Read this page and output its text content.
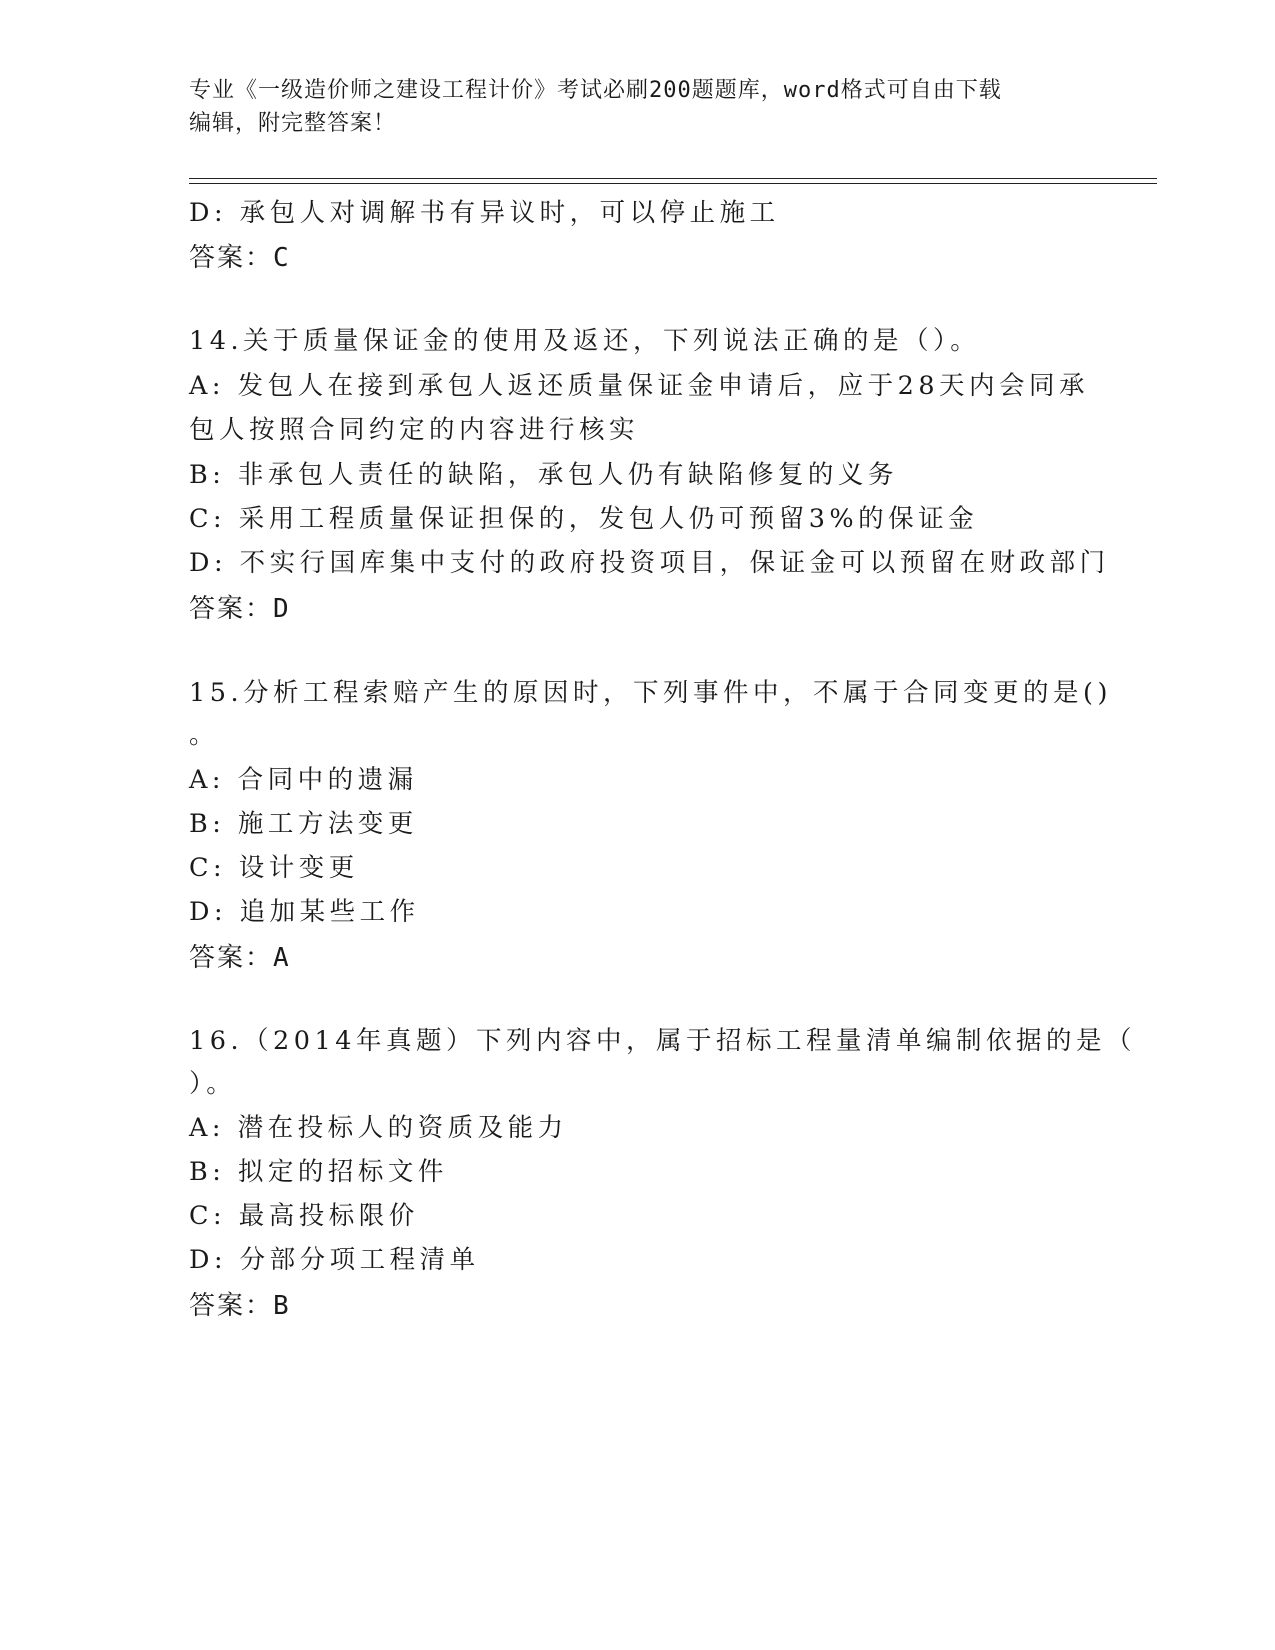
专业《一级造价师之建设工程计价》考试必刷200题题库，word格式可自由下载
编辑，附完整答案！
D: 承包人对调解书有异议时，可以停止施工
答案：C
14.关于质量保证金的使用及返还，下列说法正确的是（）。
A: 发包人在接到承包人返还质量保证金申请后，应于28天内会同承
包人按照合同约定的内容进行核实
B: 非承包人责任的缺陷，承包人仍有缺陷修复的义务
C: 采用工程质量保证担保的，发包人仍可预留3%的保证金
D: 不实行国库集中支付的政府投资项目，保证金可以预留在财政部门
答案：D
15.分析工程索赔产生的原因时，下列事件中，不属于合同变更的是()
。
A: 合同中的遗漏
B: 施工方法变更
C: 设计变更
D: 追加某些工作
答案：A
16.（2014年真题）下列内容中，属于招标工程量清单编制依据的是（
）。
A: 潜在投标人的资质及能力
B: 拟定的招标文件
C: 最高投标限价
D: 分部分项工程清单
答案：B
